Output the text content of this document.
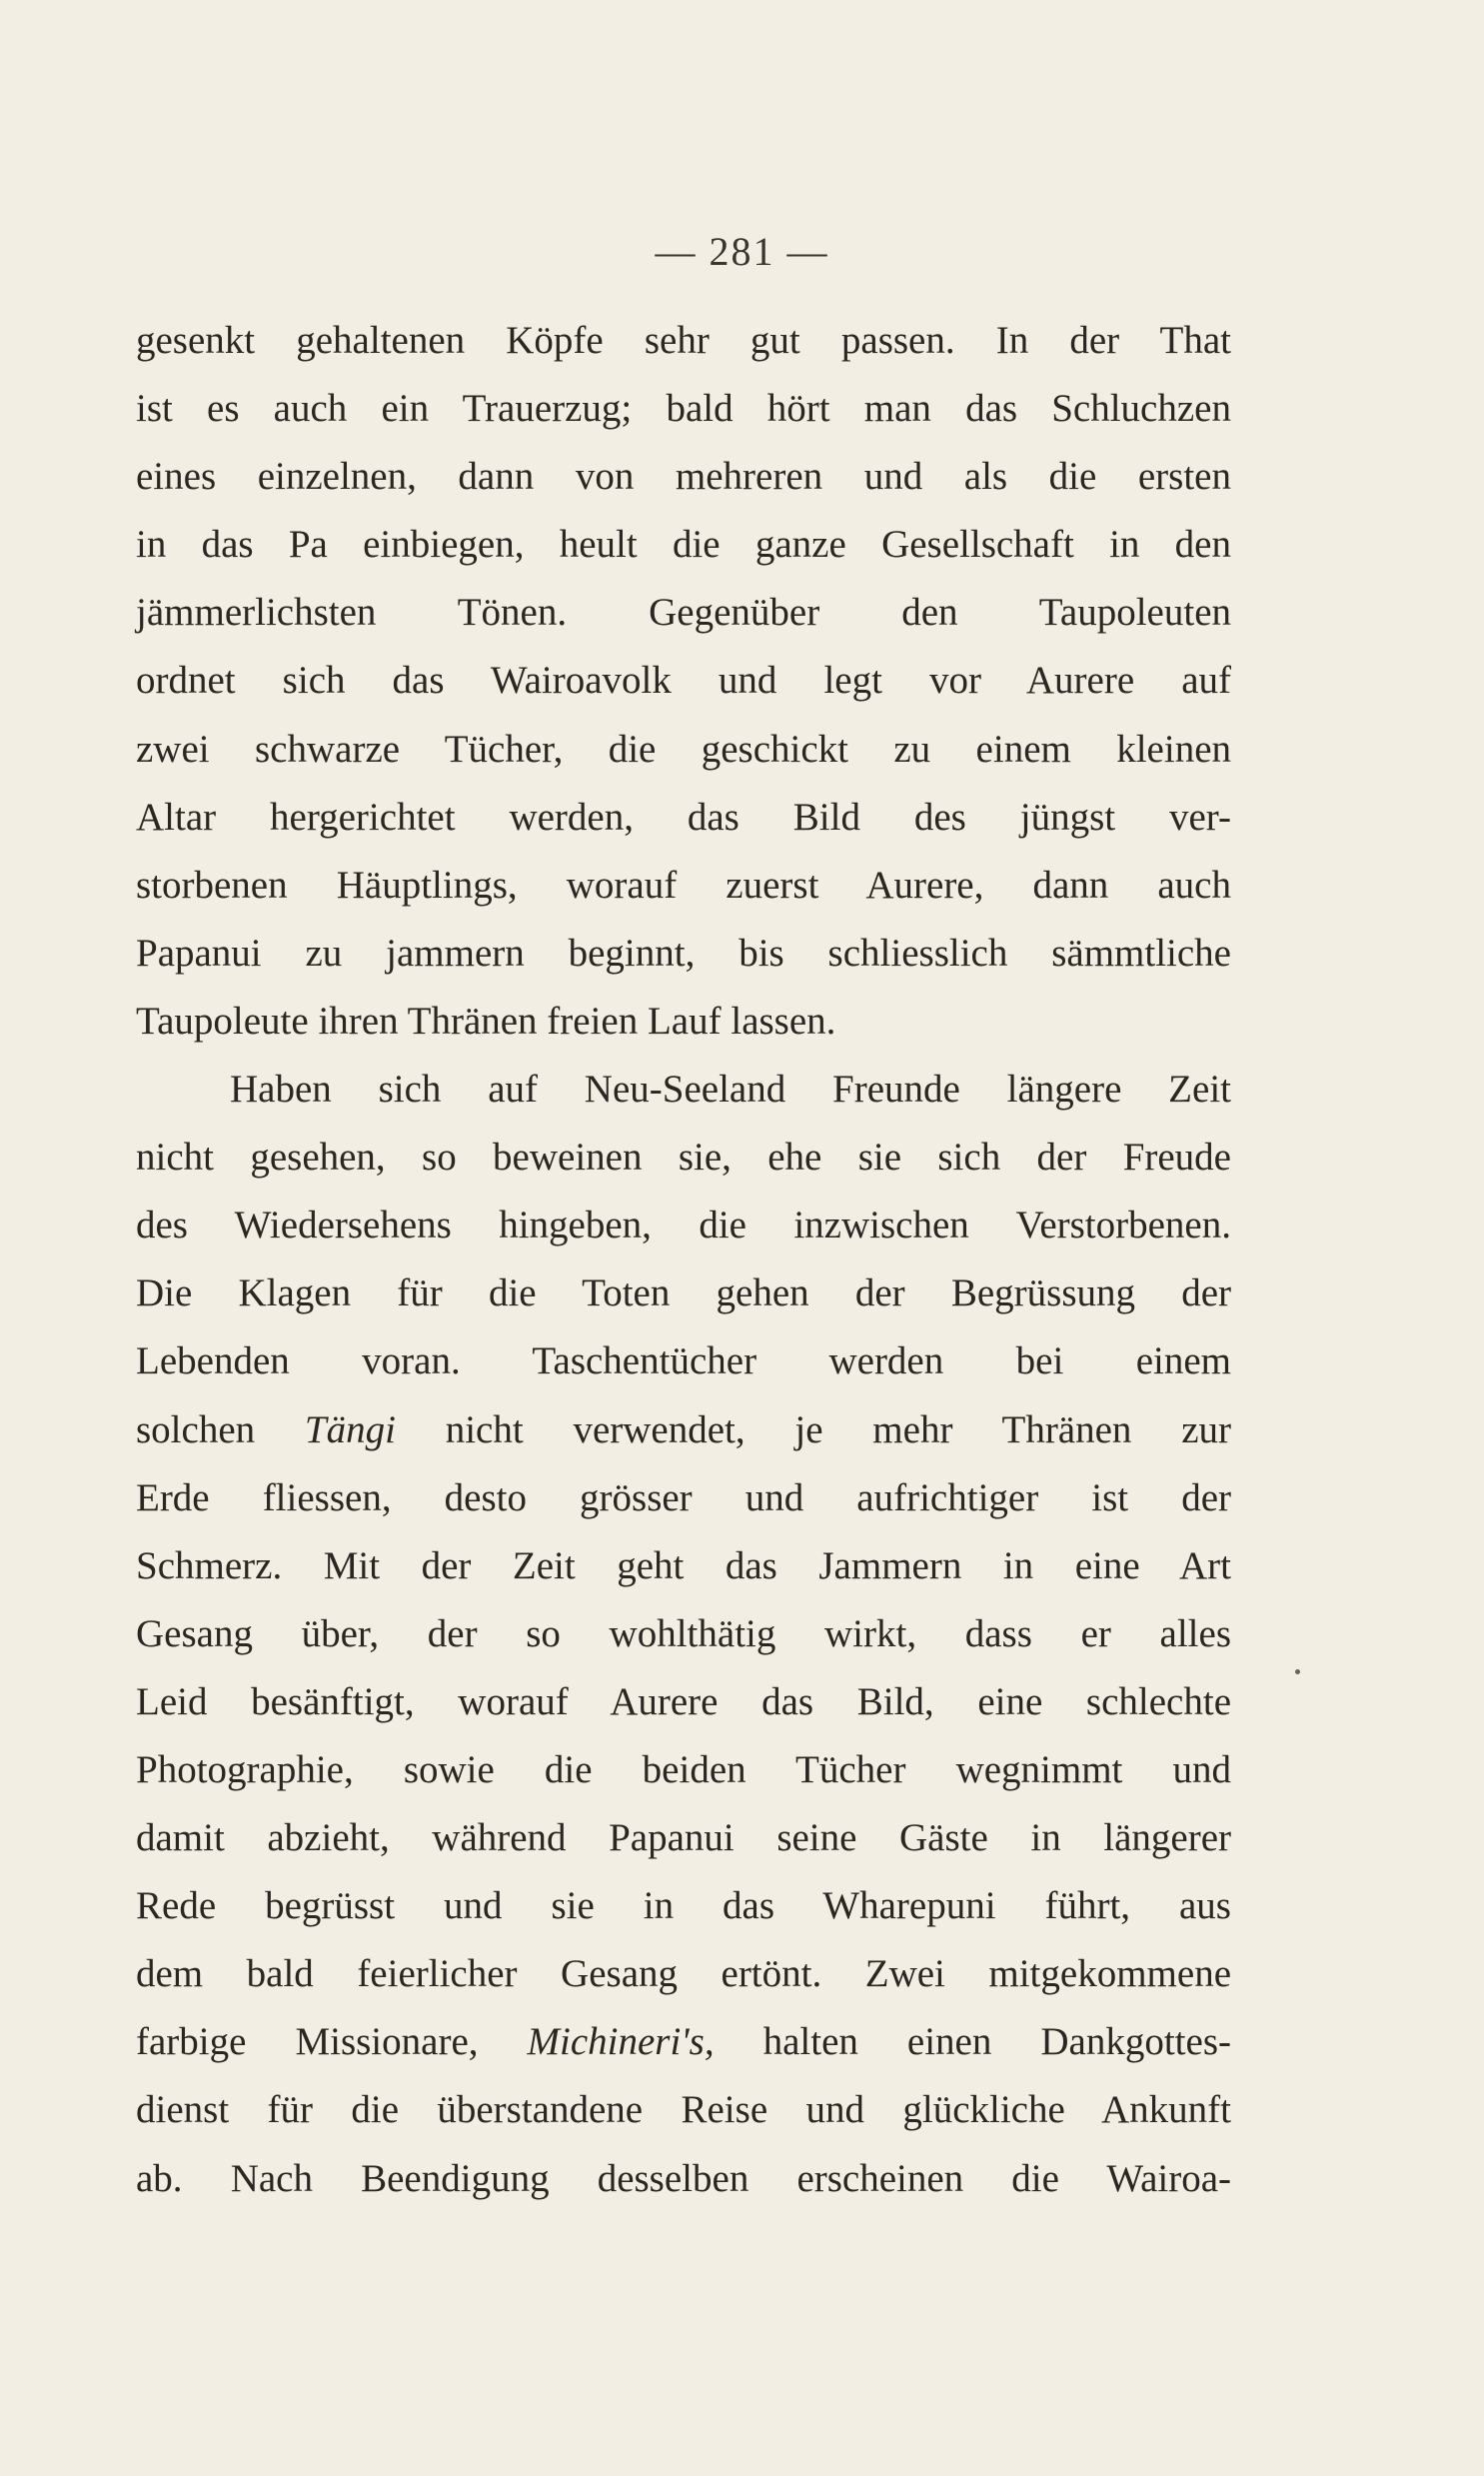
— 281 —
gesenkt gehaltenen Köpfe sehr gut passen. In der That
ist es auch ein Trauerzug; bald hört man das Schluchzen
eines einzelnen, dann von mehreren und als die ersten
in das Pa einbiegen, heult die ganze Gesellschaft in den
jämmerlichsten Tönen. Gegenüber den Taupoleuten
ordnet sich das Wairoavolk und legt vor Aurere auf
zwei schwarze Tücher, die geschickt zu einem kleinen
Altar hergerichtet werden, das Bild des jüngst ver-
storbenen Häuptlings, worauf zuerst Aurere, dann auch
Papanui zu jammern beginnt, bis schliesslich sämmtliche
Taupoleute ihren Thränen freien Lauf lassen.
Haben sich auf Neu-Seeland Freunde längere Zeit
nicht gesehen, so beweinen sie, ehe sie sich der Freude
des Wiedersehens hingeben, die inzwischen Verstorbenen.
Die Klagen für die Toten gehen der Begrüssung der
Lebenden voran. Taschentücher werden bei einem
solchen Tängi nicht verwendet, je mehr Thränen zur
Erde fliessen, desto grösser und aufrichtiger ist der
Schmerz. Mit der Zeit geht das Jammern in eine Art
Gesang über, der so wohlthätig wirkt, dass er alles
Leid besänftigt, worauf Aurere das Bild, eine schlechte
Photographie, sowie die beiden Tücher wegnimmt und
damit abzieht, während Papanui seine Gäste in längerer
Rede begrüsst und sie in das Wharepuni führt, aus
dem bald feierlicher Gesang ertönt. Zwei mitgekommene
farbige Missionare, Michineri's, halten einen Dankgottes-
dienst für die überstandene Reise und glückliche Ankunft
ab. Nach Beendigung desselben erscheinen die Wairoa-
